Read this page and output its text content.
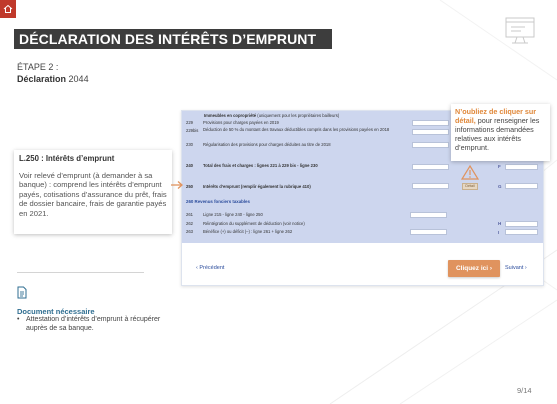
DÉCLARATION DES INTÉRÊTS D’EMPRUNT
ÉTAPE 2 :
Déclaration 2044
Immeubles en copropriété (uniquement pour les propriétaires bailleurs)
229	Provisions pour charges payées en 2019
229bis	Déduction de 50 % du montant des travaux déductibles compris dans les provisions payées en 2018
230	Régularisation des provisions pour charges déduites au titre de 2018
240	Total des frais et charges : lignes 221 à 229 bis - ligne 230	F
250	Intérêts d’emprunt (remplir également la rubrique 410)	Détail	G
260 Revenus fonciers taxables
261	Ligne 215 - ligne 240 - ligne 250
262	Réintégration du supplément de déduction (voir notice)	H
263	Bénéfice (+) ou déficit (–) : ligne 261 + ligne 262	I
‹ Précédent	Cliquez ici ›	Suivant ›
N’oubliez de cliquer sur détail, pour renseigner les informations demandées relatives aux intérêts d’emprunt.
L.250 : Intérêts d’emprunt
Voir relevé d’emprunt (à demander à sa banque) : comprend les intérêts d’emprunt payés, cotisations d’assurance du prêt, frais de dossier bancaire, frais de garantie payés en 2021.
Document nécessaire
• Attestation d’intérêts d’emprunt à récupérer auprès de sa banque.
9/14
